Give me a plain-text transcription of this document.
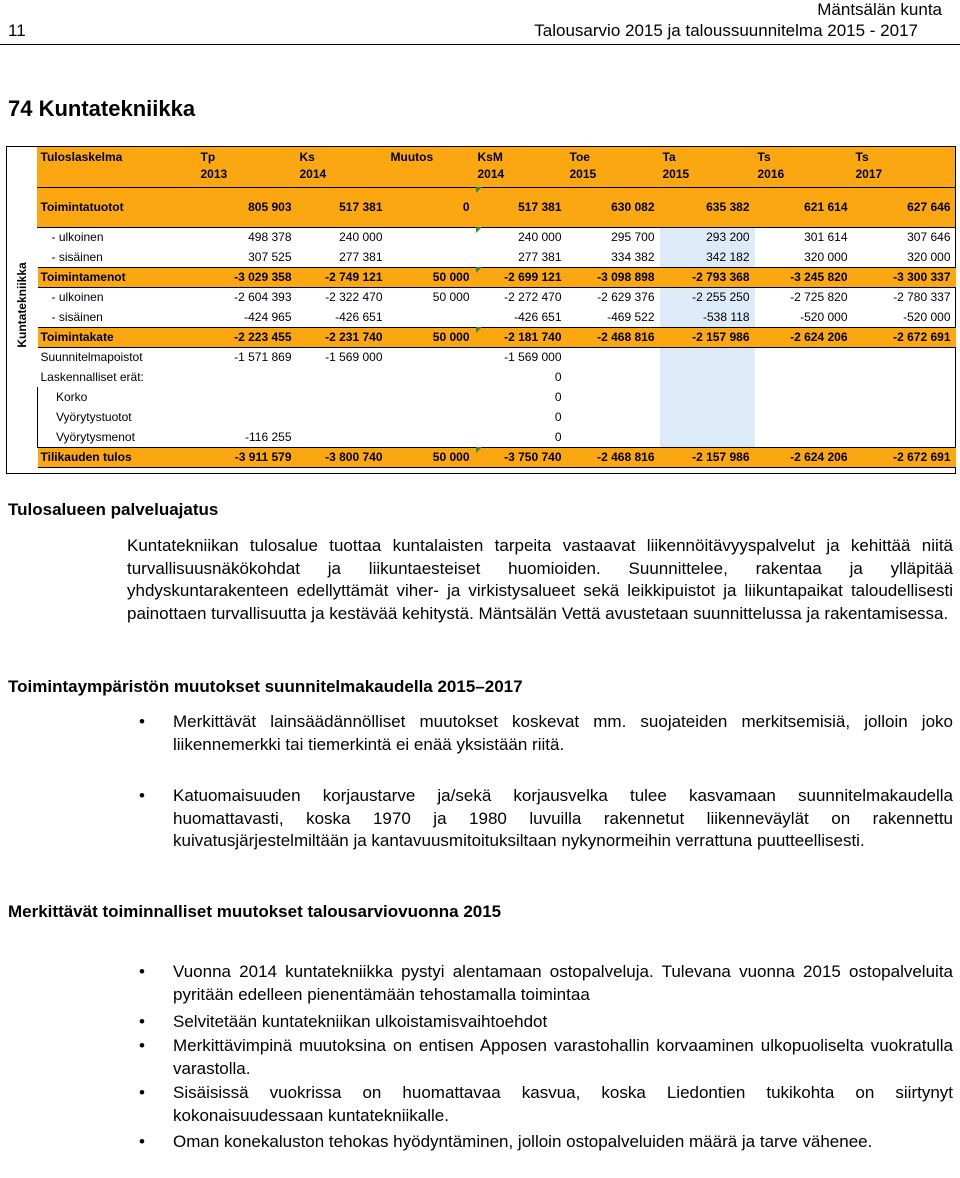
Mäntsälän kunta
11	Talousarvio 2015 ja taloussuunnitelma 2015 - 2017
74 Kuntatekniikka
Kuntatekniikka
Tuloslaskelma	Tp	Ks	Muutos	KsM	Toe	Ta	Ts	Ts
	2013	2014		2014	2015	2015	2016	2017
Toimintatuotot	805 903	517 381	0	517 381	630 082	635 382	621 614	627 646
- ulkoinen	498 378	240 000		240 000	295 700	293 200	301 614	307 646
- sisäinen	307 525	277 381		277 381	334 382	342 182	320 000	320 000
Toimintamenot	-3 029 358	-2 749 121	50 000	-2 699 121	-3 098 898	-2 793 368	-3 245 820	-3 300 337
- ulkoinen	-2 604 393	-2 322 470	50 000	-2 272 470	-2 629 376	-2 255 250	-2 725 820	-2 780 337
- sisäinen	-424 965	-426 651		-426 651	-469 522	-538 118	-520 000	-520 000
Toimintakate	-2 223 455	-2 231 740	50 000	-2 181 740	-2 468 816	-2 157 986	-2 624 206	-2 672 691
Suunnitelmapoistot	-1 571 869	-1 569 000		-1 569 000				
Laskennalliset erät:				0				
Korko				0				
Vyörytystuotot				0				
Vyörytysmenot	-116 255			0				
Tilikauden tulos	-3 911 579	-3 800 740	50 000	-3 750 740	-2 468 816	-2 157 986	-2 624 206	-2 672 691
Tulosalueen palveluajatus
Kuntatekniikan tulosalue tuottaa kuntalaisten tarpeita vastaavat liikennöitävyyspalvelut ja kehittää niitä turvallisuusnäkökohdat ja liikuntaesteiset huomioiden. Suunnittelee, rakentaa ja ylläpitää yhdyskuntarakenteen edellyttämät viher- ja virkistysalueet sekä leikkipuistot ja liikuntapaikat taloudellisesti painottaen turvallisuutta ja kestävää kehitystä. Mäntsälän Vettä avustetaan suunnittelussa ja rakentamisessa.
Toimintaympäristön muutokset suunnitelmakaudella 2015–2017
• Merkittävät lainsäädännölliset muutokset koskevat mm. suojateiden merkitsemisiä, jolloin joko liikennemerkki tai tiemerkintä ei enää yksistään riitä.
• Katuomaisuuden korjaustarve ja/sekä korjausvelka tulee kasvamaan suunnitelmakaudella huomattavasti, koska 1970 ja 1980 luvuilla rakennetut liikenneväylät on rakennettu kuivatusjärjestelmiltään ja kantavuusmitoituksiltaan nykynormeihin verrattuna puutteellisesti.
Merkittävät toiminnalliset muutokset talousarviovuonna 2015
• Vuonna 2014 kuntatekniikka pystyi alentamaan ostopalveluja. Tulevana vuonna 2015 ostopalveluita pyritään edelleen pienentämään tehostamalla toimintaa
• Selvitetään kuntatekniikan ulkoistamisvaihtoehdot
• Merkittävimpinä muutoksina on entisen Apposen varastohallin korvaaminen ulkopuoliselta vuokratulla varastolla.
• Sisäisissä vuokrissa on huomattavaa kasvua, koska Liedontien tukikohta on siirtynyt kokonaisuudessaan kuntatekniikalle.
• Oman konekaluston tehokas hyödyntäminen, jolloin ostopalveluiden määrä ja tarve vähenee.
